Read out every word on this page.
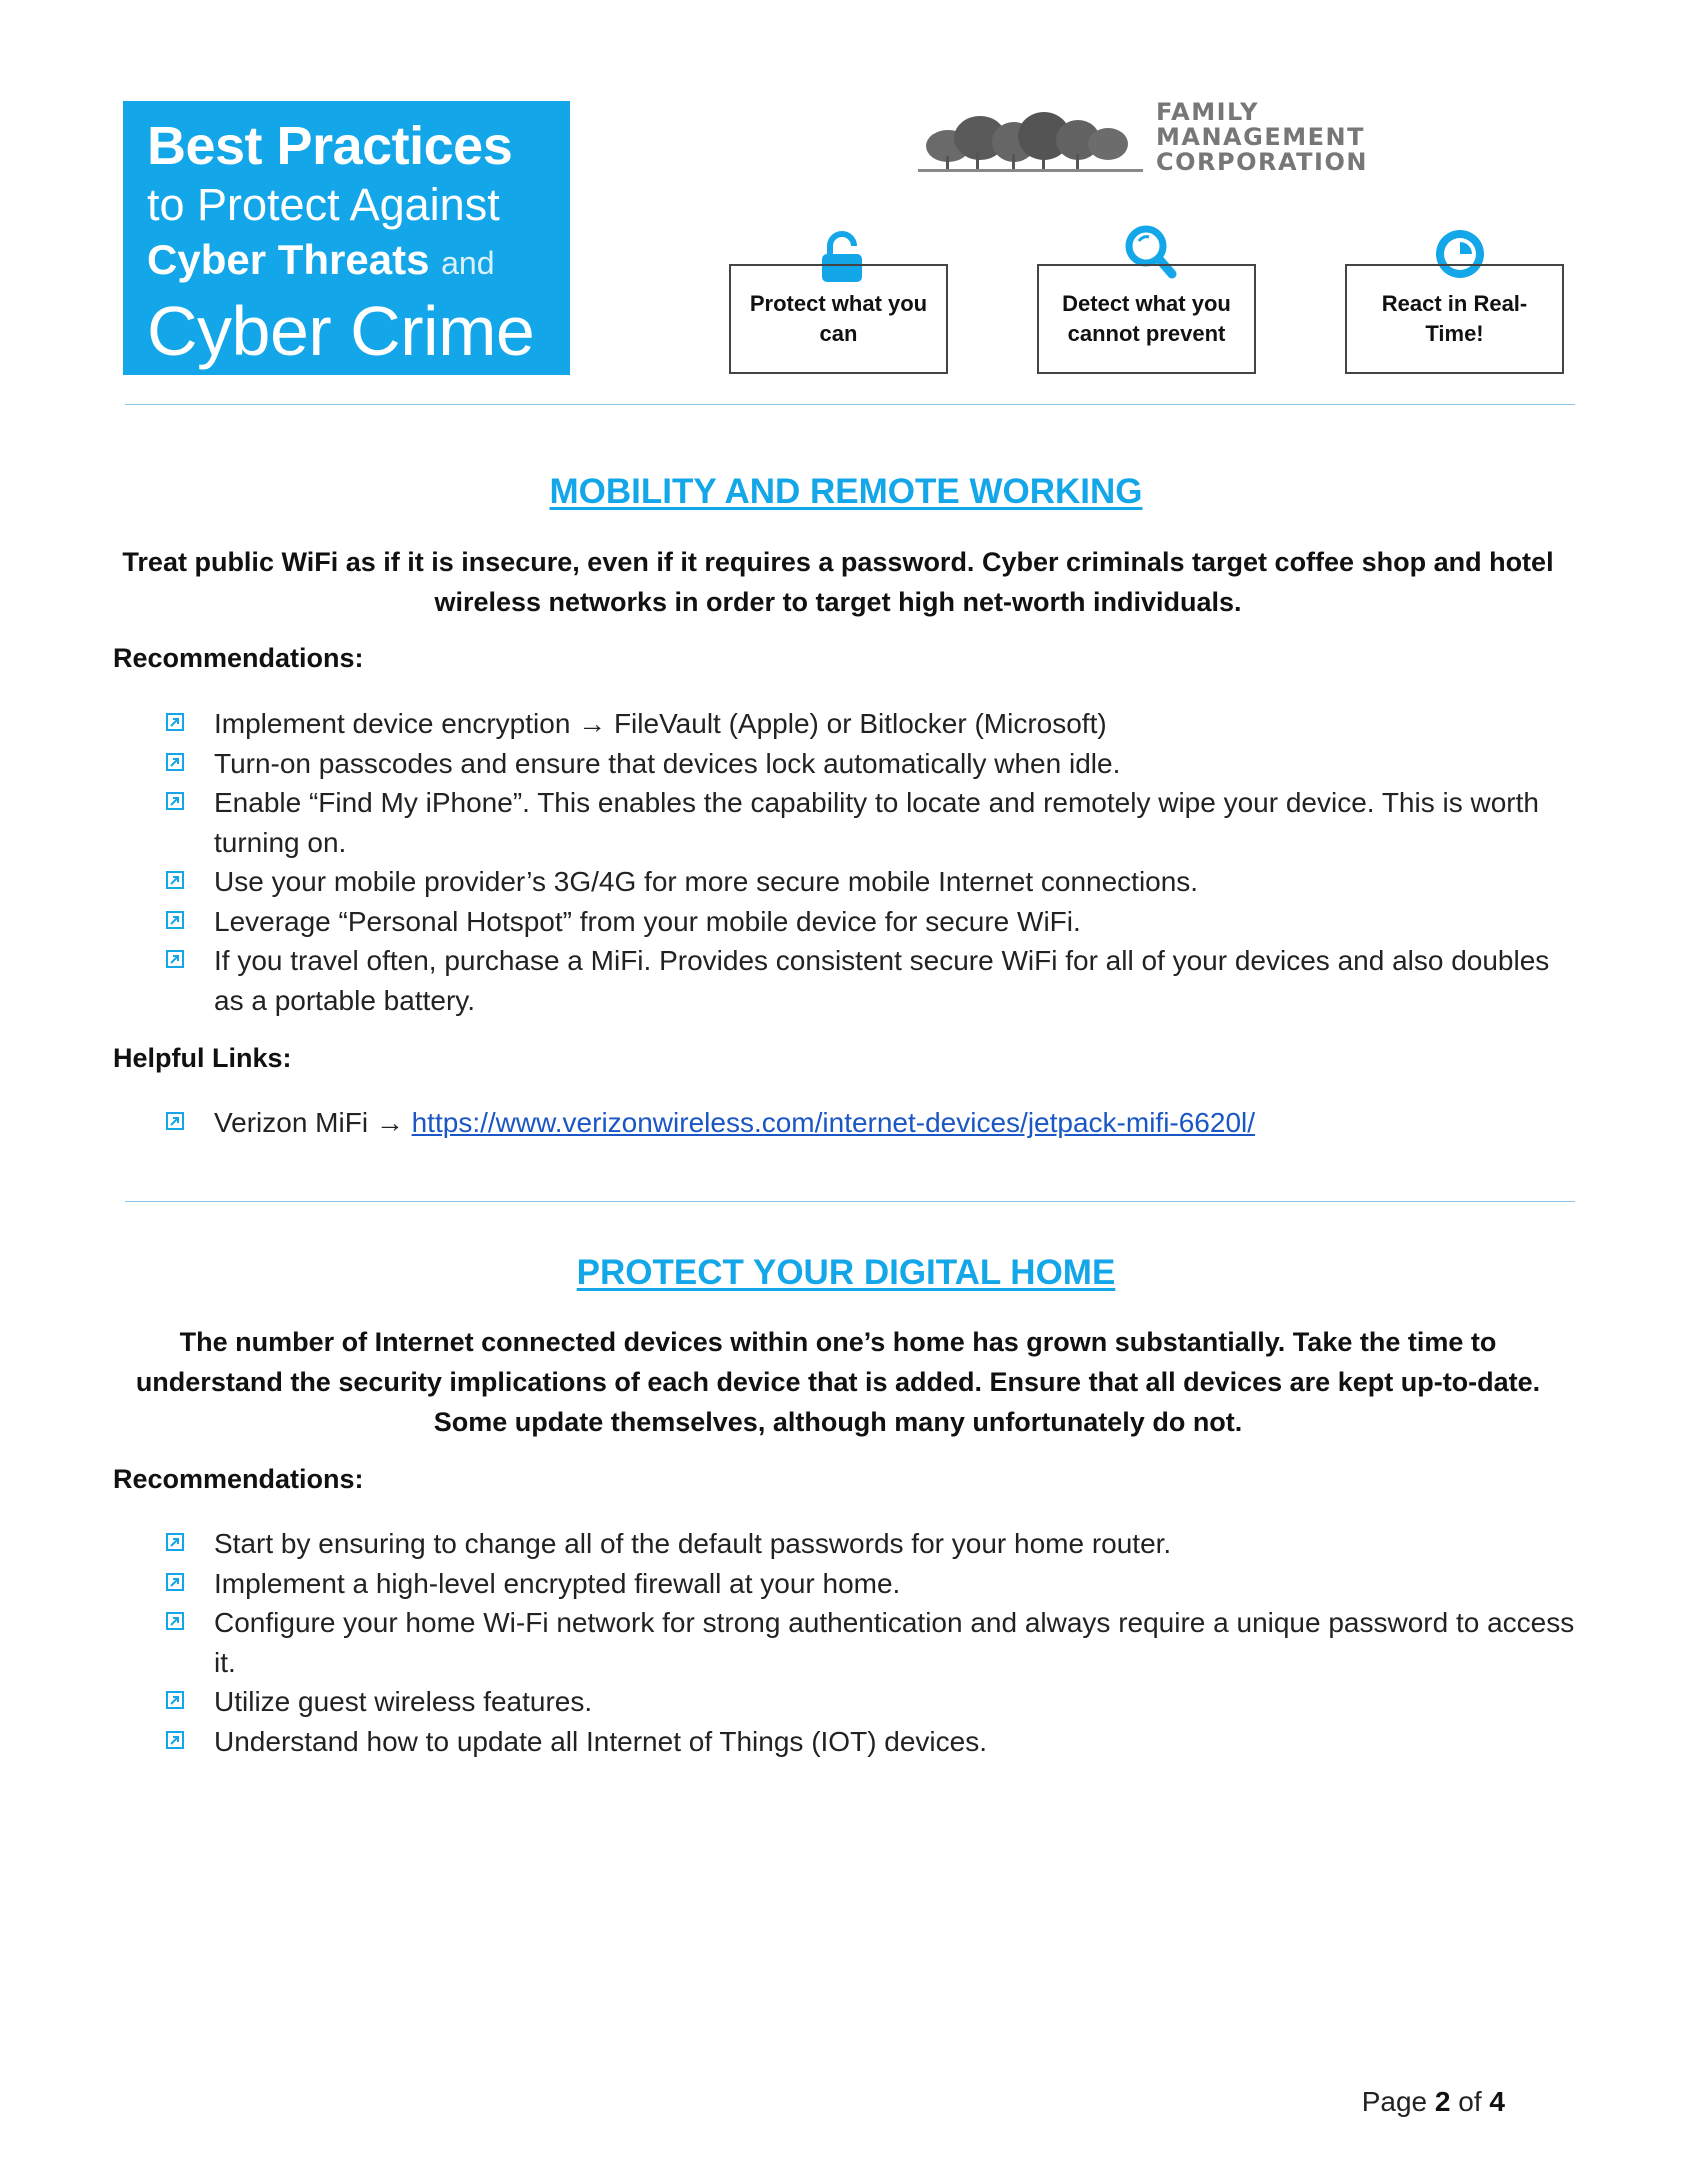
Best Practices
to Protect Against
Cyber Threats and
Cyber Crime
FAMILY
MANAGEMENT
CORPORATION
Protect what you can
Detect what you cannot prevent
React in Real-Time!
MOBILITY AND REMOTE WORKING
Treat public WiFi as if it is insecure, even if it requires a password. Cyber criminals target coffee shop and hotel wireless networks in order to target high net-worth individuals.
Recommendations:
Implement device encryption → FileVault (Apple) or Bitlocker (Microsoft)
Turn-on passcodes and ensure that devices lock automatically when idle.
Enable “Find My iPhone”. This enables the capability to locate and remotely wipe your device. This is worth turning on.
Use your mobile provider’s 3G/4G for more secure mobile Internet connections.
Leverage “Personal Hotspot” from your mobile device for secure WiFi.
If you travel often, purchase a MiFi. Provides consistent secure WiFi for all of your devices and also doubles as a portable battery.
Helpful Links:
Verizon MiFi → https://www.verizonwireless.com/internet-devices/jetpack-mifi-6620l/
PROTECT YOUR DIGITAL HOME
The number of Internet connected devices within one’s home has grown substantially. Take the time to understand the security implications of each device that is added. Ensure that all devices are kept up-to-date. Some update themselves, although many unfortunately do not.
Recommendations:
Start by ensuring to change all of the default passwords for your home router.
Implement a high-level encrypted firewall at your home.
Configure your home Wi-Fi network for strong authentication and always require a unique password to access it.
Utilize guest wireless features.
Understand how to update all Internet of Things (IOT) devices.
Page 2 of 4
